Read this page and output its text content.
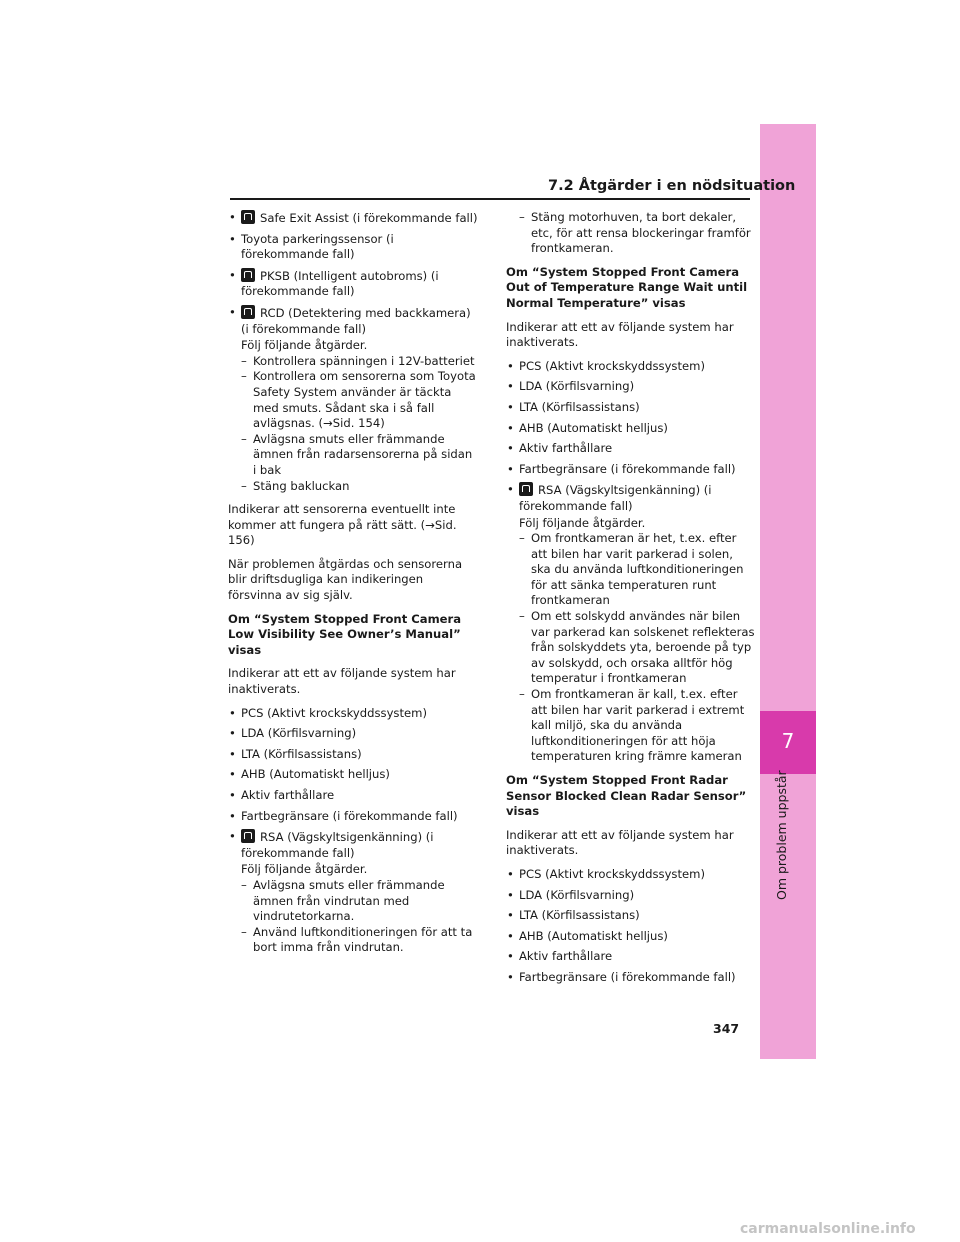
7
Om problem uppstår
7.2 Åtgärder i en nödsituation
• Safe Exit Assist (i förekommande fall)
• Toyota parkeringssensor (i förekommande fall)
• PKSB (Intelligent autobroms) (i förekommande fall)
• RCD (Detektering med backkamera) (i förekommande fall)
Följ följande åtgärder.
– Kontrollera spänningen i 12V-batteriet
– Kontrollera om sensorerna som Toyota Safety System använder är täckta med smuts. Sådant ska i så fall avlägsnas. (→Sid. 154)
– Avlägsna smuts eller främmande ämnen från radarsensorerna på sidan i bak
– Stäng bakluckan

Indikerar att sensorerna eventuellt inte kommer att fungera på rätt sätt. (→Sid. 156)

När problemen åtgärdas och sensorerna blir driftsdugliga kan indikeringen försvinna av sig själv.

Om “System Stopped Front Camera Low Visibility See Owner’s Manual” visas

Indikerar att ett av följande system har inaktiverats.

• PCS (Aktivt krockskyddssystem)
• LDA (Körfilsvarning)
• LTA (Körfilsassistans)
• AHB (Automatiskt helljus)
• Aktiv farthållare
• Fartbegränsare (i förekommande fall)
• RSA (Vägskyltsigenkänning) (i förekommande fall)
Följ följande åtgärder.
– Avlägsna smuts eller främmande ämnen från vindrutan med vindrutetorkarna.
– Använd luftkonditioneringen för att ta bort imma från vindrutan.
– Stäng motorhuven, ta bort dekaler, etc, för att rensa blockeringar framför frontkameran.

Om “System Stopped Front Camera Out of Temperature Range Wait until Normal Temperature” visas

Indikerar att ett av följande system har inaktiverats.

• PCS (Aktivt krockskyddssystem)
• LDA (Körfilsvarning)
• LTA (Körfilsassistans)
• AHB (Automatiskt helljus)
• Aktiv farthållare
• Fartbegränsare (i förekommande fall)
• RSA (Vägskyltsigenkänning) (i förekommande fall)
Följ följande åtgärder.
– Om frontkameran är het, t.ex. efter att bilen har varit parkerad i solen, ska du använda luftkonditioneringen för att sänka temperaturen runt frontkameran
– Om ett solskydd användes när bilen var parkerad kan solskenet reflekteras från solskyddets yta, beroende på typ av solskydd, och orsaka alltför hög temperatur i frontkameran
– Om frontkameran är kall, t.ex. efter att bilen har varit parkerad i extremt kall miljö, ska du använda luftkonditioneringen för att höja temperaturen kring främre kameran

Om “System Stopped Front Radar Sensor Blocked Clean Radar Sensor” visas

Indikerar att ett av följande system har inaktiverats.

• PCS (Aktivt krockskyddssystem)
• LDA (Körfilsvarning)
• LTA (Körfilsassistans)
• AHB (Automatiskt helljus)
• Aktiv farthållare
• Fartbegränsare (i förekommande fall)
347
carmanualsonline.info
